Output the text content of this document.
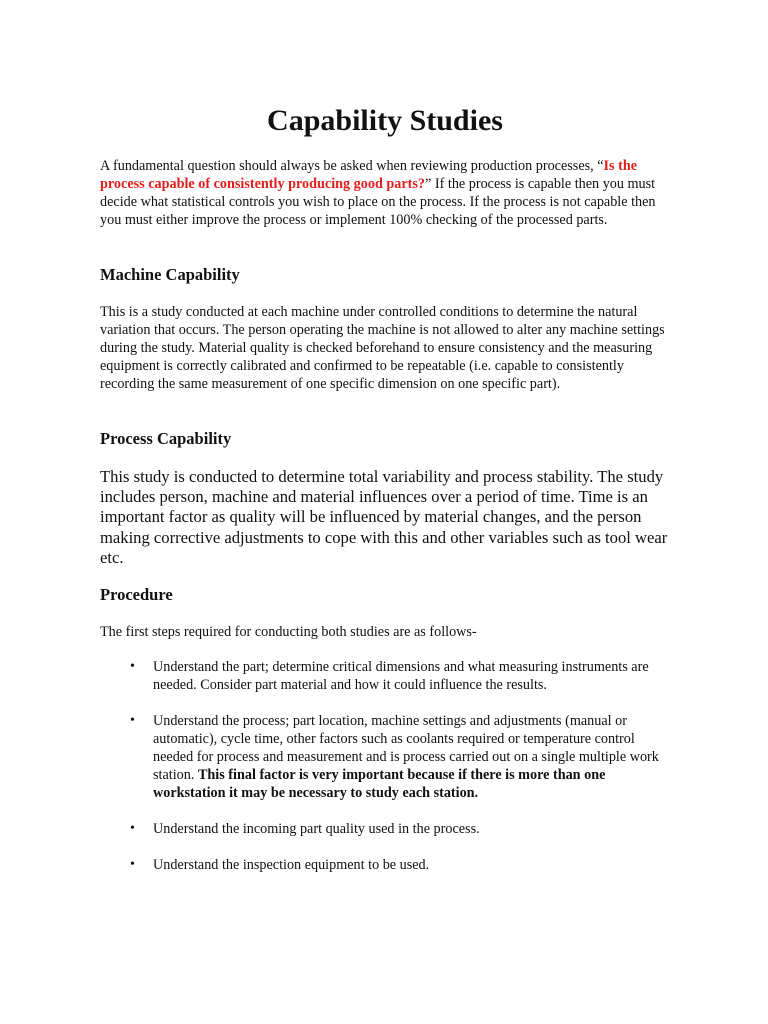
Capability Studies

A fundamental question should always be asked when reviewing production processes, “Is the process capable of consistently producing good parts?” If the process is capable then you must decide what statistical controls you wish to place on the process. If the process is not capable then you must either improve the process or implement 100% checking of the processed parts.

Machine Capability

This is a study conducted at each machine under controlled conditions to determine the natural variation that occurs. The person operating the machine is not allowed to alter any machine settings during the study. Material quality is checked beforehand to ensure consistency and the measuring equipment is correctly calibrated and confirmed to be repeatable (i.e. capable to consistently recording the same measurement of one specific dimension on one specific part).

Process Capability

This study is conducted to determine total variability and process stability. The study includes person, machine and material influences over a period of time. Time is an important factor as quality will be influenced by material changes, and the person making corrective adjustments to cope with this and other variables such as tool wear etc.

Procedure

The first steps required for conducting both studies are as follows-

•	Understand the part; determine critical dimensions and what measuring instruments are needed. Consider part material and how it could influence the results.
•	Understand the process; part location, machine settings and adjustments (manual or automatic), cycle time, other factors such as coolants required or temperature control needed for process and measurement and is process carried out on a single multiple work station. This final factor is very important because if there is more than one workstation it may be necessary to study each station.
•	Understand the incoming part quality used in the process.
•	Understand the inspection equipment to be used.
